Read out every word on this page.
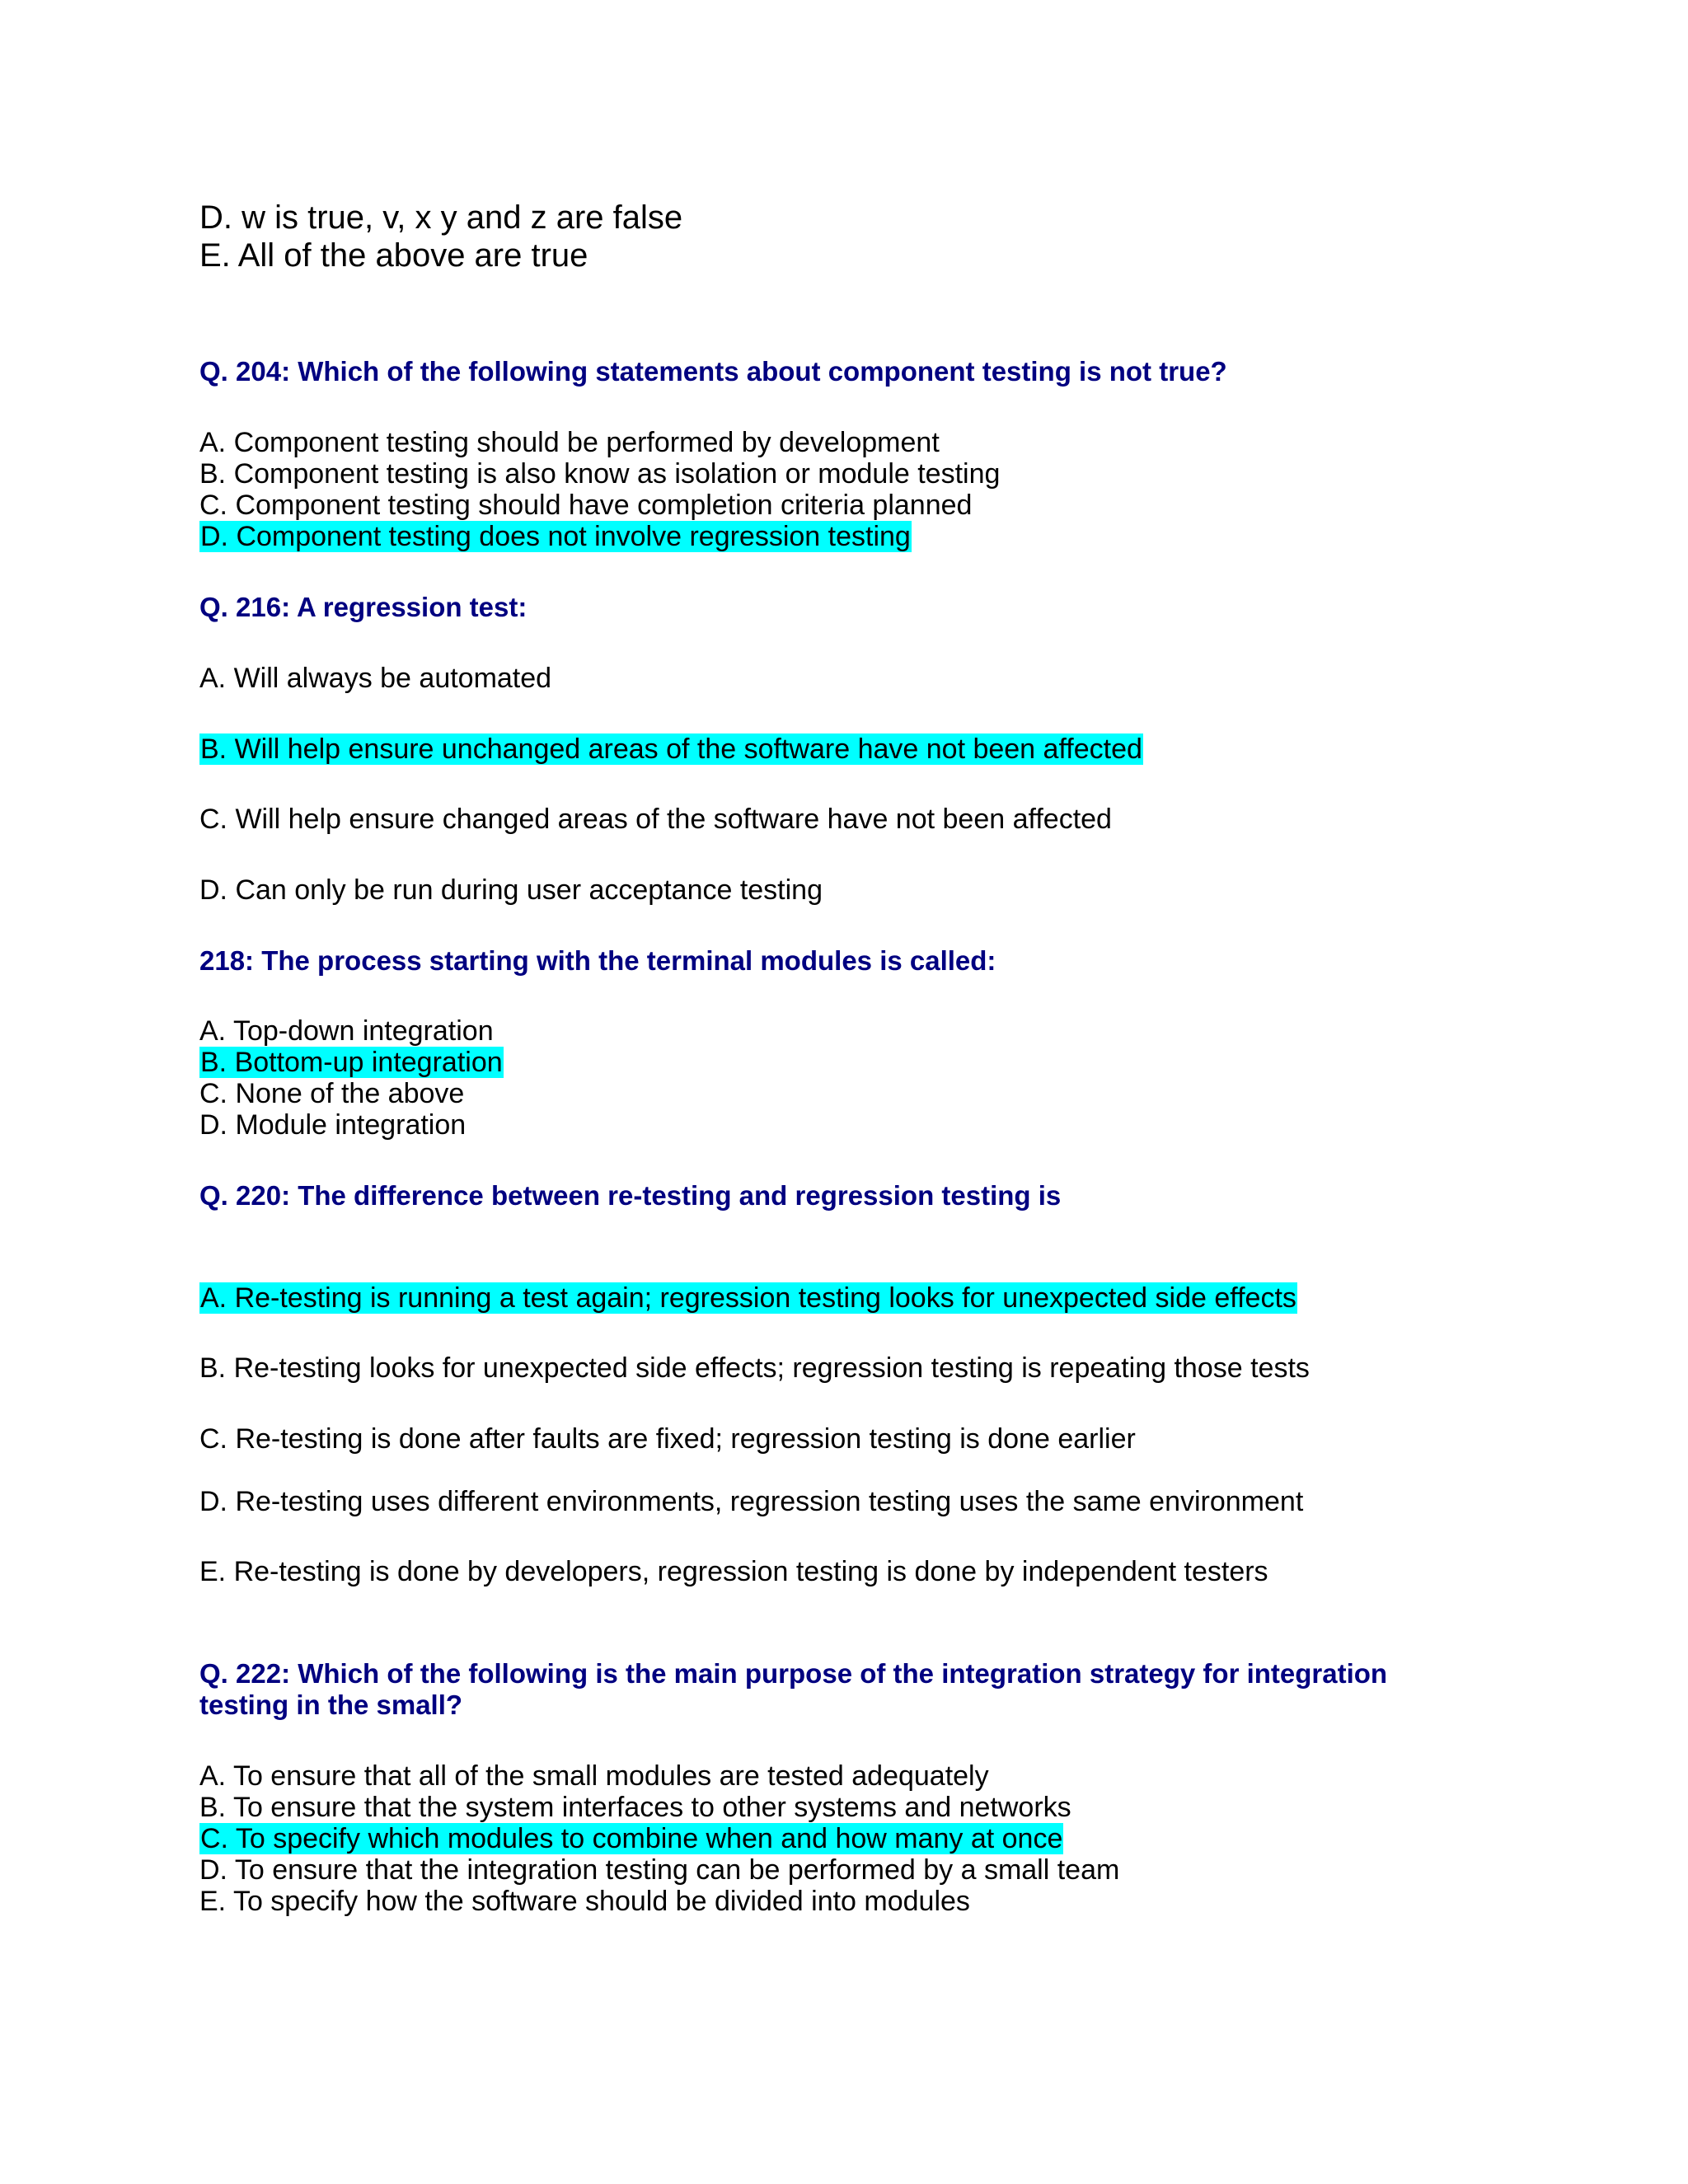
D. w is true, v, x y and z are false
E. All of the above are true
Q. 204: Which of the following statements about component testing is not true?
A. Component testing should be performed by development
B. Component testing is also know as isolation or module testing
C. Component testing should have completion criteria planned
D. Component testing does not involve regression testing
Q. 216: A regression test:
A. Will always be automated
B. Will help ensure unchanged areas of the software have not been affected
C. Will help ensure changed areas of the software have not been affected
D. Can only be run during user acceptance testing
218: The process starting with the terminal modules is called:
A. Top-down integration
B. Bottom-up integration
C. None of the above
D. Module integration
Q. 220: The difference between re-testing and regression testing is
A. Re-testing is running a test again; regression testing looks for unexpected side effects
B. Re-testing looks for unexpected side effects; regression testing is repeating those tests
C. Re-testing is done after faults are fixed; regression testing is done earlier
D. Re-testing uses different environments, regression testing uses the same environment
E. Re-testing is done by developers, regression testing is done by independent testers
Q. 222: Which of the following is the main purpose of the integration strategy for integration
testing in the small?
A. To ensure that all of the small modules are tested adequately
B. To ensure that the system interfaces to other systems and networks
C. To specify which modules to combine when and how many at once
D. To ensure that the integration testing can be performed by a small team
E. To specify how the software should be divided into modules
